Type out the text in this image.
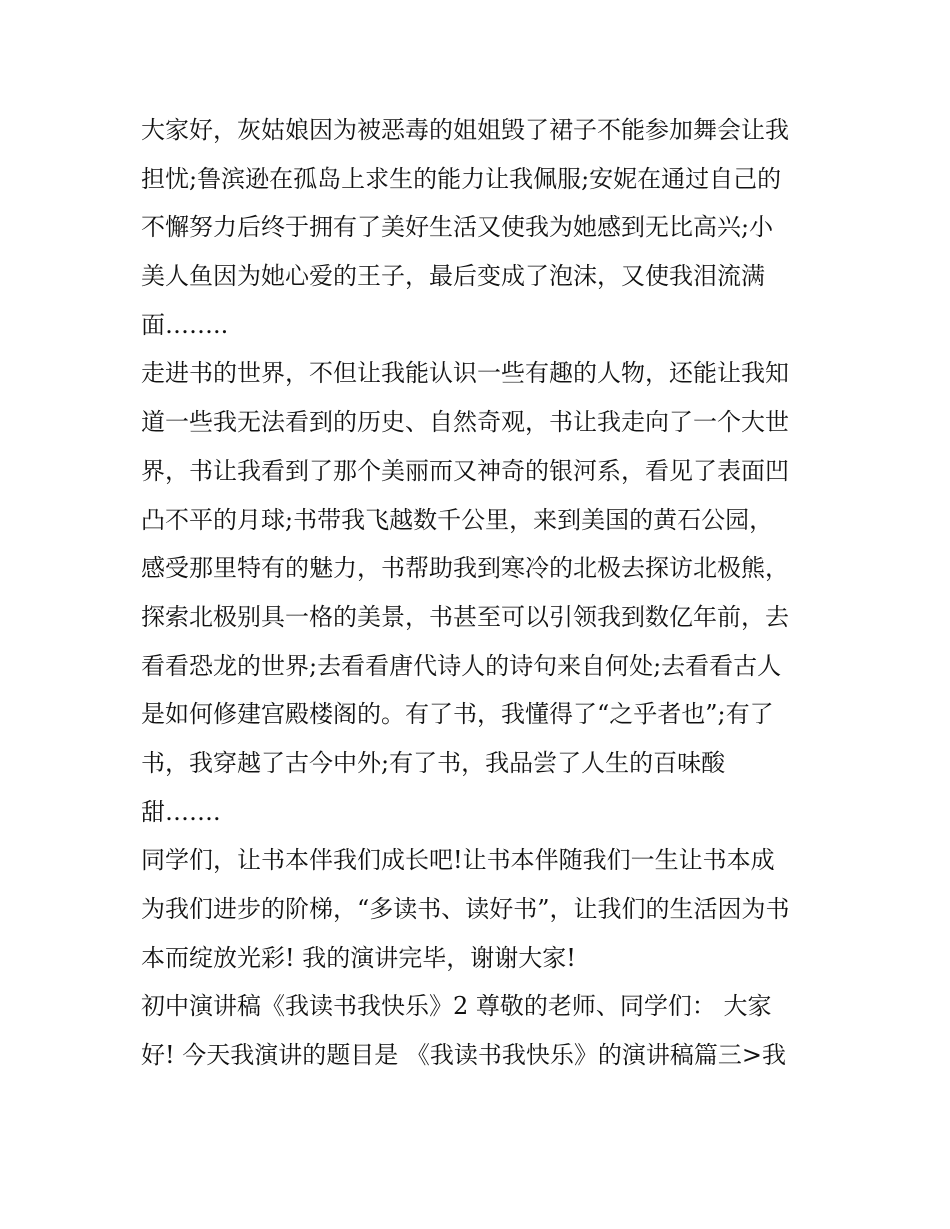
大家好，灰姑娘因为被恶毒的姐姐毁了裙子不能参加舞会让我
担忧;鲁滨逊在孤岛上求生的能力让我佩服;安妮在通过自己的
不懈努力后终于拥有了美好生活又使我为她感到无比高兴;小
美人鱼因为她心爱的王子，最后变成了泡沫，又使我泪流满
面……..
走进书的世界，不但让我能认识一些有趣的人物，还能让我知
道一些我无法看到的历史、自然奇观，书让我走向了一个大世
界，书让我看到了那个美丽而又神奇的银河系，看见了表面凹
凸不平的月球;书带我飞越数千公里，来到美国的黄石公园，
感受那里特有的魅力，书帮助我到寒冷的北极去探访北极熊，
探索北极别具一格的美景，书甚至可以引领我到数亿年前，去
看看恐龙的世界;去看看唐代诗人的诗句来自何处;去看看古人
是如何修建宫殿楼阁的。有了书，我懂得了“之乎者也”;有了
书，我穿越了古今中外;有了书，我品尝了人生的百味酸
甜…….
同学们，让书本伴我们成长吧!让书本伴随我们一生让书本成
为我们进步的阶梯，“多读书、读好书”，让我们的生活因为书
本而绽放光彩! 我的演讲完毕，谢谢大家!
初中演讲稿《我读书我快乐》2 尊敬的老师、同学们： 大家
好! 今天我演讲的题目是 《我读书我快乐》的演讲稿篇三>我
